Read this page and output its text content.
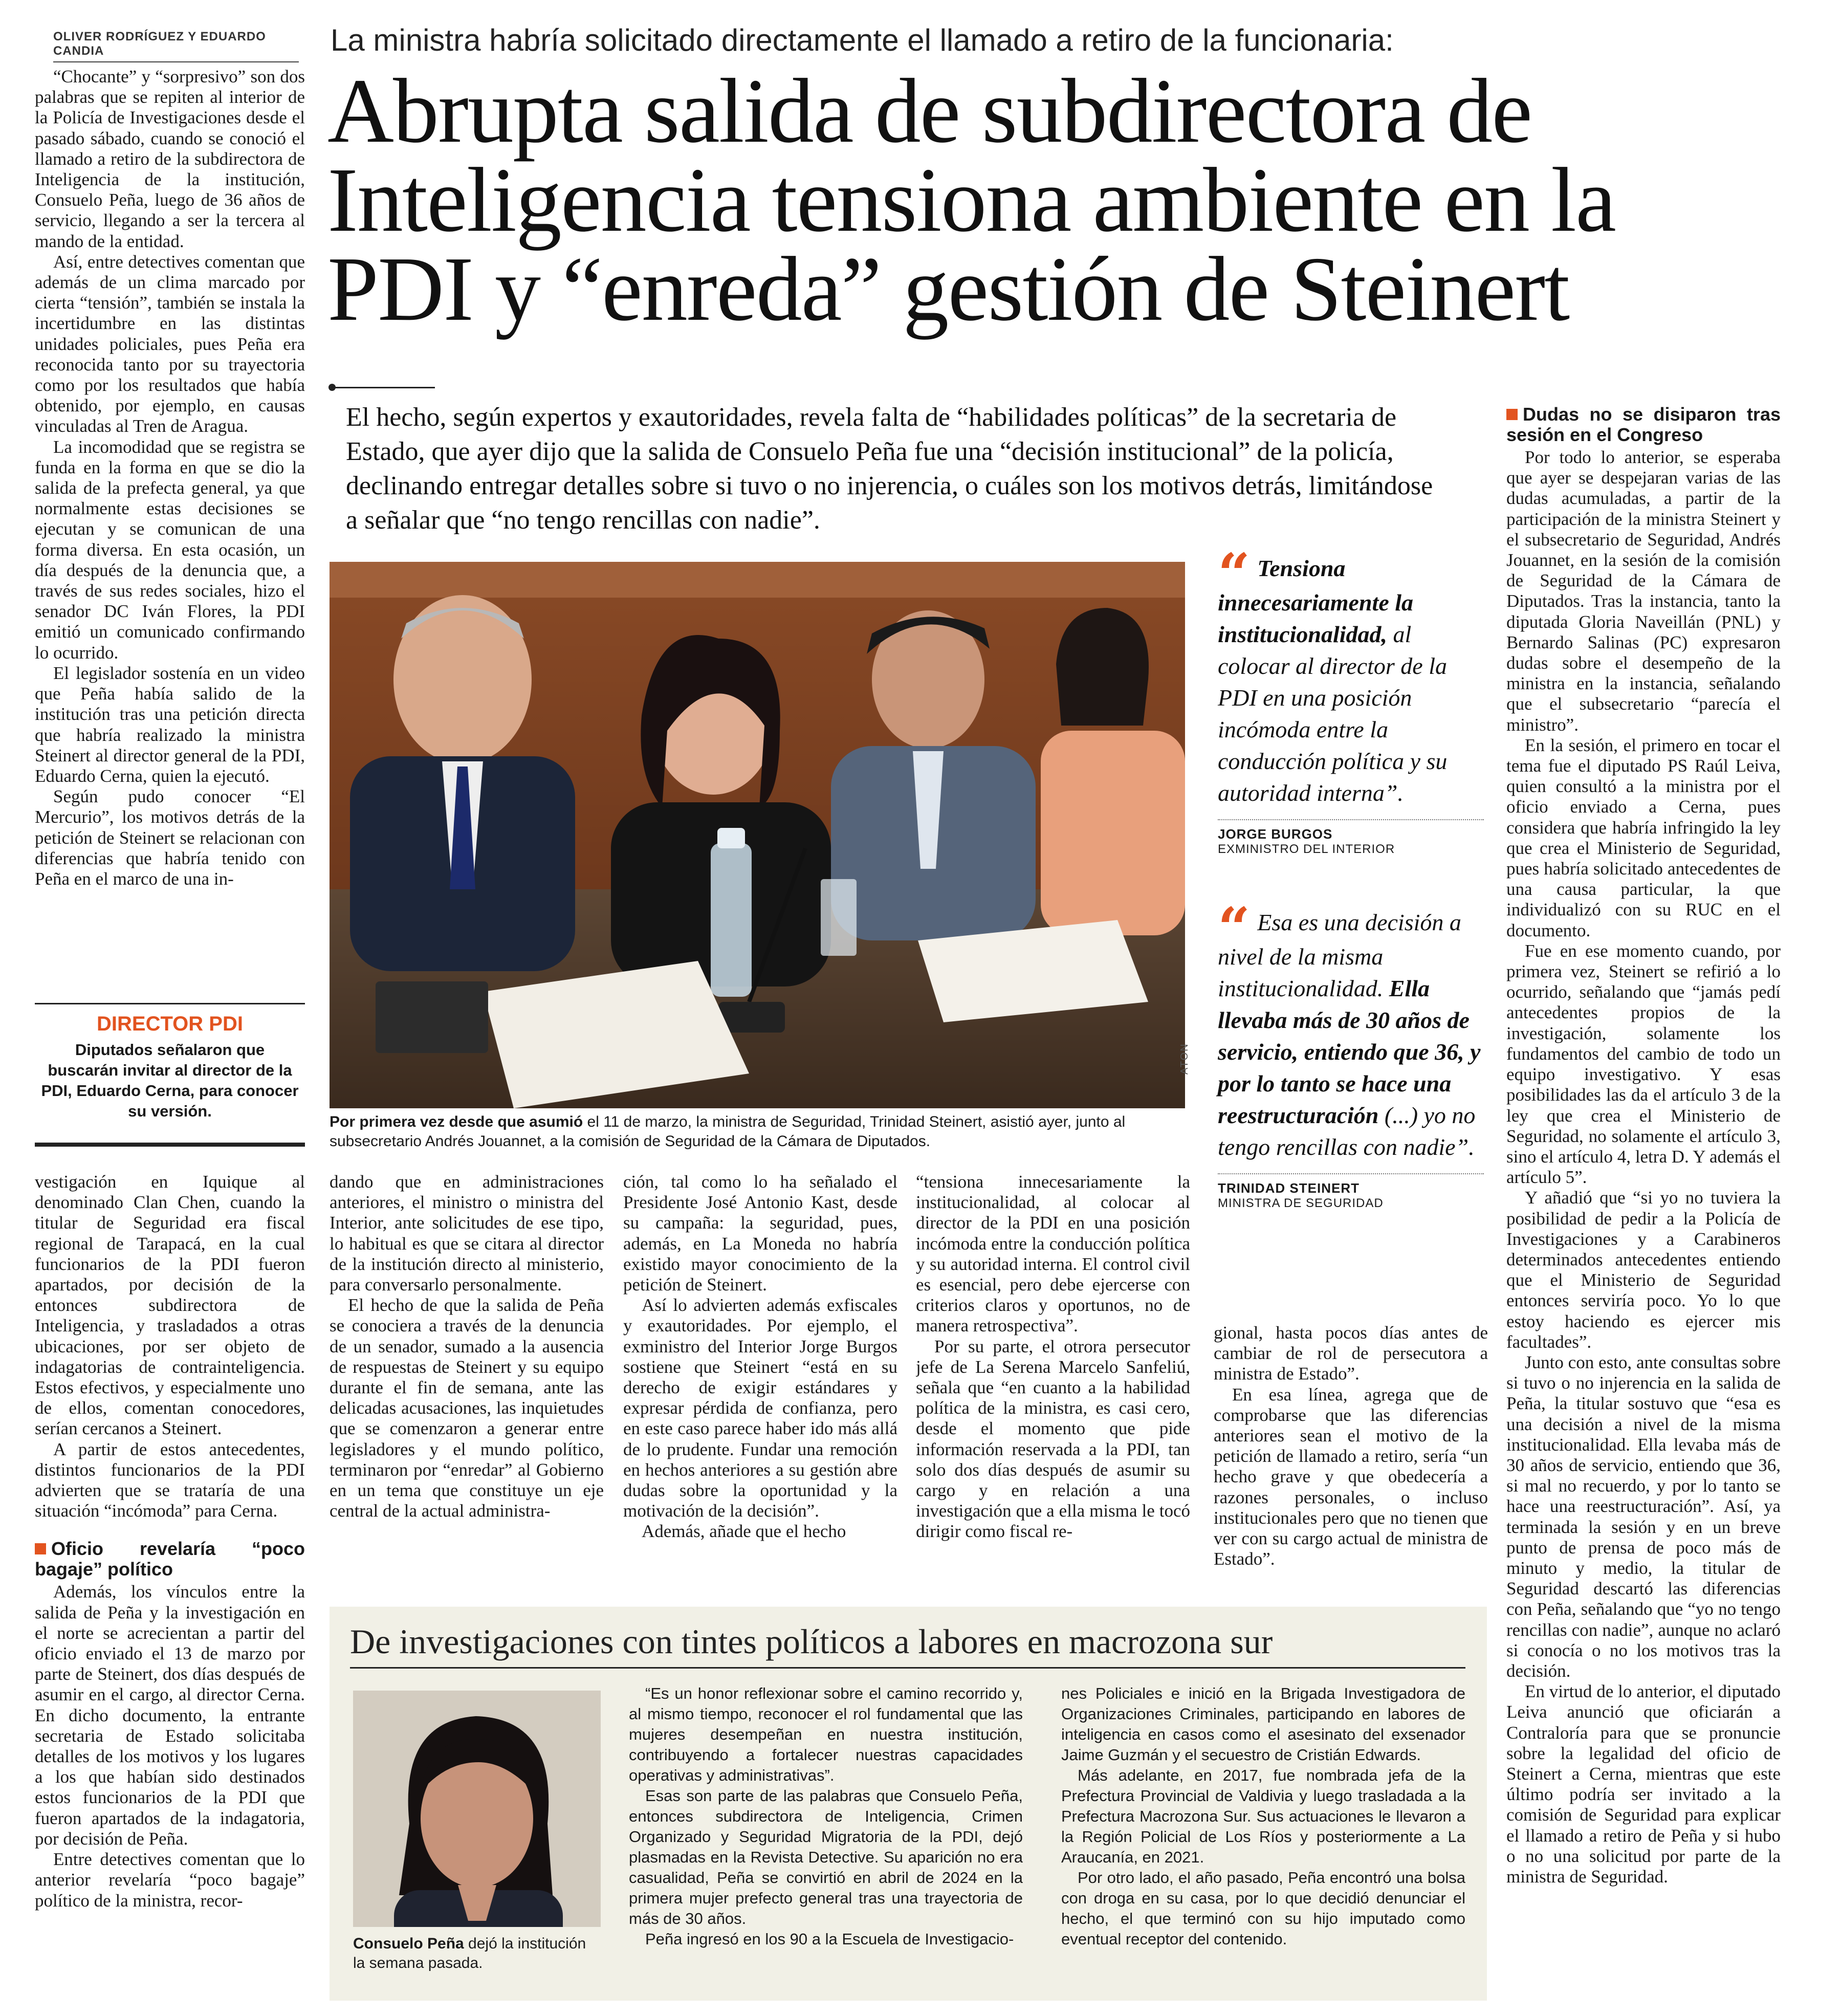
OLIVER RODRÍGUEZ Y EDUARDO CANDIA	La ministra habría solicitado directamente el llamado a retiro de la funcionaria:
Abrupta salida de subdirectora de Inteligencia tensiona ambiente en la PDI y “enreda” gestión de Steinert
El hecho, según expertos y exautoridades, revela falta de “habilidades políticas” de la secretaria de Estado, que ayer dijo que la salida de Consuelo Peña fue una “decisión institucional” de la policía, declinando entregar detalles sobre si tuvo o no injerencia, o cuáles son los motivos detrás, limitándose a señalar que “no tengo rencillas con nadie”.

“Chocante” y “sorpresivo” son dos palabras que se repiten al interior de la Policía de Investigaciones desde el pasado sábado, cuando se conoció el llamado a retiro de la subdirectora de Inteligencia de la institución, Consuelo Peña, luego de 36 años de servicio, llegando a ser la tercera al mando de la entidad.

Así, entre detectives comentan que además de un clima marcado por cierta “tensión”, también se instala la incertidumbre en las distintas unidades policiales, pues Peña era reconocida tanto por su trayectoria como por los resultados que había obtenido, por ejemplo, en causas vinculadas al Tren de Aragua.

La incomodidad que se registra se funda en la forma en que se dio la salida de la prefecta general, ya que normalmente estas decisiones se ejecutan y se comunican de una forma diversa. En esta ocasión, un día después de la denuncia que, a través de sus redes sociales, hizo el senador DC Iván Flores, la PDI emitió un comunicado confirmando lo ocurrido.

El legislador sostenía en un video que Peña había salido de la institución tras una petición directa que habría realizado la ministra Steinert al director general de la PDI, Eduardo Cerna, quien la ejecutó.

Según pudo conocer “El Mercurio”, los motivos detrás de la petición de Steinert se relacionan con diferencias que habría tenido con Peña en el marco de una in-

DIRECTOR PDI
Diputados señalaron que buscarán invitar al director de la PDI, Eduardo Cerna, para conocer su versión.

vestigación en Iquique al denominado Clan Chen, cuando la titular de Seguridad era fiscal regional de Tarapacá, en la cual funcionarios de la PDI fueron apartados, por decisión de la entonces subdirectora de Inteligencia, y trasladados a otras ubicaciones, por ser objeto de indagatorias de contrainteligencia. Estos efectivos, y especialmente uno de ellos, comentan conocedores, serían cercanos a Steinert.

A partir de estos antecedentes, distintos funcionarios de la PDI advierten que se trataría de una situación “incómoda” para Cerna.

Oficio revelaría “poco bagaje” político

Además, los vínculos entre la salida de Peña y la investigación en el norte se acrecientan a partir del oficio enviado el 13 de marzo por parte de Steinert, dos días después de asumir en el cargo, al director Cerna. En dicho documento, la entrante secretaria de Estado solicitaba detalles de los motivos y los lugares a los que habían sido destinados estos funcionarios de la PDI que fueron apartados de la indagatoria, por decisión de Peña.

Entre detectives comentan que lo anterior revelaría “poco bagaje” político de la ministra, recor-

ATON
Por primera vez desde que asumió el 11 de marzo, la ministra de Seguridad, Trinidad Steinert, asistió ayer, junto al subsecretario Andrés Jouannet, a la comisión de Seguridad de la Cámara de Diputados.
“ Tensiona innecesariamente la institucionalidad, al colocar al director de la PDI en una posición incómoda entre la conducción política y su autoridad interna”.
JORGE BURGOS
EXMINISTRO DEL INTERIOR
“ Esa es una decisión a nivel de la misma institucionalidad. Ella llevaba más de 30 años de servicio, entiendo que 36, y por lo tanto se hace una reestructuración (...) yo no tengo rencillas con nadie”.
TRINIDAD STEINERT
MINISTRA DE SEGURIDAD

dando que en administraciones anteriores, el ministro o ministra del Interior, ante solicitudes de ese tipo, lo habitual es que se citara al director de la institución directo al ministerio, para conversarlo personalmente.

El hecho de que la salida de Peña se conociera a través de la denuncia de un senador, sumado a la ausencia de respuestas de Steinert y su equipo durante el fin de semana, ante las delicadas acusaciones, las inquietudes que se comenzaron a generar entre legisladores y el mundo político, terminaron por “enredar” al Gobierno en un tema que constituye un eje central de la actual administra-

ción, tal como lo ha señalado el Presidente José Antonio Kast, desde su campaña: la seguridad, pues, además, en La Moneda no habría existido mayor conocimiento de la petición de Steinert.

Así lo advierten además exfiscales y exautoridades. Por ejemplo, el exministro del Interior Jorge Burgos sostiene que Steinert “está en su derecho de exigir estándares y expresar pérdida de confianza, pero en este caso parece haber ido más allá de lo prudente. Fundar una remoción en hechos anteriores a su gestión abre dudas sobre la oportunidad y la motivación de la decisión”.

Además, añade que el hecho

“tensiona innecesariamente la institucionalidad, al colocar al director de la PDI en una posición incómoda entre la conducción política y su autoridad interna. El control civil es esencial, pero debe ejercerse con criterios claros y oportunos, no de manera retrospectiva”.

Por su parte, el otrora persecutor jefe de La Serena Marcelo Sanfeliú, señala que “en cuanto a la habilidad política de la ministra, es casi cero, desde el momento que pide información reservada a la PDI, tan solo dos días después de asumir su cargo y en relación a una investigación que a ella misma le tocó dirigir como fiscal re-

gional, hasta pocos días antes de cambiar de rol de persecutora a ministra de Estado”.

En esa línea, agrega que de comprobarse que las diferencias anteriores sean el motivo de la petición de llamado a retiro, sería “un hecho grave y que obedecería a razones personales, o incluso institucionales pero que no tienen que ver con su cargo actual de ministra de Estado”.

Dudas no se disiparon tras sesión en el Congreso

Por todo lo anterior, se esperaba que ayer se despejaran varias de las dudas acumuladas, a partir de la participación de la ministra Steinert y el subsecretario de Seguridad, Andrés Jouannet, en la sesión de la comisión de Seguridad de la Cámara de Diputados. Tras la instancia, tanto la diputada Gloria Naveillán (PNL) y Bernardo Salinas (PC) expresaron dudas sobre el desempeño de la ministra en la instancia, señalando que el subsecretario “parecía el ministro”.

En la sesión, el primero en tocar el tema fue el diputado PS Raúl Leiva, quien consultó a la ministra por el oficio enviado a Cerna, pues considera que habría infringido la ley que crea el Ministerio de Seguridad, pues habría solicitado antecedentes de una causa particular, la que individualizó con su RUC en el documento.

Fue en ese momento cuando, por primera vez, Steinert se refirió a lo ocurrido, señalando que “jamás pedí antecedentes propios de la investigación, solamente los fundamentos del cambio de todo un equipo investigativo. Y esas posibilidades las da el artículo 3 de la ley que crea el Ministerio de Seguridad, no solamente el artículo 3, sino el artículo 4, letra D. Y además el artículo 5”.

Y añadió que “si yo no tuviera la posibilidad de pedir a la Policía de Investigaciones y a Carabineros determinados antecedentes entiendo que el Ministerio de Seguridad entonces serviría poco. Yo lo que estoy haciendo es ejercer mis facultades”.

Junto con esto, ante consultas sobre si tuvo o no injerencia en la salida de Peña, la titular sostuvo que “esa es una decisión a nivel de la misma institucionalidad. Ella levaba más de 30 años de servicio, entiendo que 36, si mal no recuerdo, y por lo tanto se hace una reestructuración”. Así, ya terminada la sesión y en un breve punto de prensa de poco más de minuto y medio, la titular de Seguridad descartó las diferencias con Peña, señalando que “yo no tengo rencillas con nadie”, aunque no aclaró si conocía o no los motivos tras la decisión.

En virtud de lo anterior, el diputado Leiva anunció que oficiarán a Contraloría para que se pronuncie sobre la legalidad del oficio de Steinert a Cerna, mientras que este último podría ser invitado a la comisión de Seguridad para explicar el llamado a retiro de Peña y si hubo o no una solicitud por parte de la ministra de Seguridad.

De investigaciones con tintes políticos a labores en macrozona sur
Consuelo Peña dejó la institución la semana pasada.

“Es un honor reflexionar sobre el camino recorrido y, al mismo tiempo, reconocer el rol fundamental que las mujeres desempeñan en nuestra institución, contribuyendo a fortalecer nuestras capacidades operativas y administrativas”.

Esas son parte de las palabras que Consuelo Peña, entonces subdirectora de Inteligencia, Crimen Organizado y Seguridad Migratoria de la PDI, dejó plasmadas en la Revista Detective. Su aparición no era casualidad, Peña se convirtió en abril de 2024 en la primera mujer prefecto general tras una trayectoria de más de 30 años.

Peña ingresó en los 90 a la Escuela de Investigacio-

nes Policiales e inició en la Brigada Investigadora de Organizaciones Criminales, participando en labores de inteligencia en casos como el asesinato del exsenador Jaime Guzmán y el secuestro de Cristián Edwards.

Más adelante, en 2017, fue nombrada jefa de la Prefectura Provincial de Valdivia y luego trasladada a la Prefectura Macrozona Sur. Sus actuaciones le llevaron a la Región Policial de Los Ríos y posteriormente a La Araucanía, en 2021.

Por otro lado, el año pasado, Peña encontró una bolsa con droga en su casa, por lo que decidió denunciar el hecho, el que terminó con su hijo imputado como eventual receptor del contenido.
